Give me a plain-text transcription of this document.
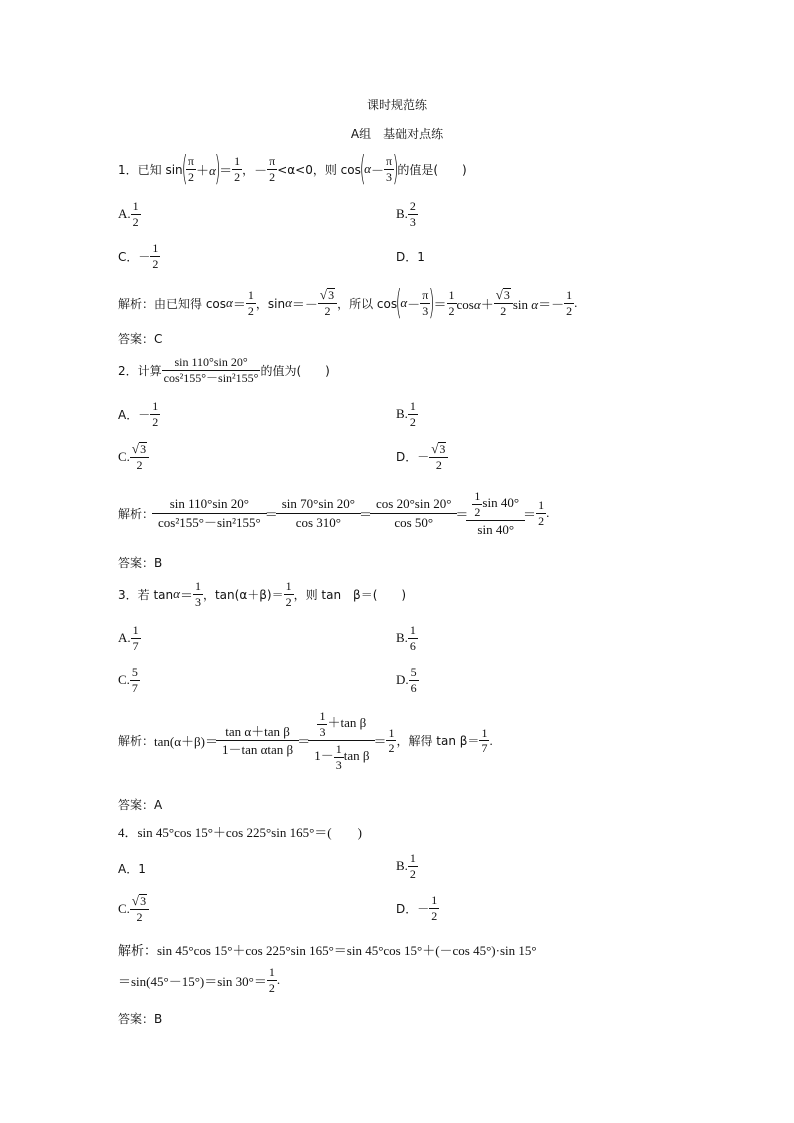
课时规范练
A组　基础对点练
1．已知 sin
( π
2 ＋α
)
＝
1
2 ， －
π
2 <α<0，则 cos
(
α －
π
3 )
的值是(　　)
A.
1
2
B.
2
3
C．－
1
2	D．1
解析： 由已知得 cos α ＝
1
2 ，sin α ＝－
√ 3
2
，所以 cos
(
α －
π
3 )
＝
1
2 cosα＋
√ 3
2 sin α＝－
1
2
.
答案：C
2．计算
sin 110°sin 20°
cos²155°－sin²155° 的值为(　　)
A．－
1
2
B.
1
2
C.
√ 3
2
D．－
√ 3
2
解析：
sin 110°sin 20°
cos²155°－sin²155°
＝
sin 70°sin 20°
cos 310°
＝
cos 20°sin 20°
cos 50°
＝ $\frac{1}{2}$ sin 40°
sin 40°
＝
1
2
.
答案：B
3．若 tan α ＝
1
3 ，tan(α＋β)＝
1
2 ，则 tan　β＝(　　)
A.
1
7
B.
1
6
C.
5
7
D.
5
6
解析： tan(α＋β)＝
tan α＋tan β
1－tan αtan β
＝
$\frac{1}{3} +\tan$ β
$1- \frac{1}{3}$ tan β
＝
1
2 ，解得 tan β＝
1
7
.
答案：A
4．sin 45°cos 15°＋cos 225°sin 165°＝(　　)
A．1	B.
1
2
C.
√ 3
2
D．－
1
2
解析：sin 45°cos 15°＋cos 225°sin 165°＝sin 45°cos 15°＋(－cos 45°)·sin 15°
＝sin(45°－15°)＝sin 30°＝
1
2
.
答案：B
